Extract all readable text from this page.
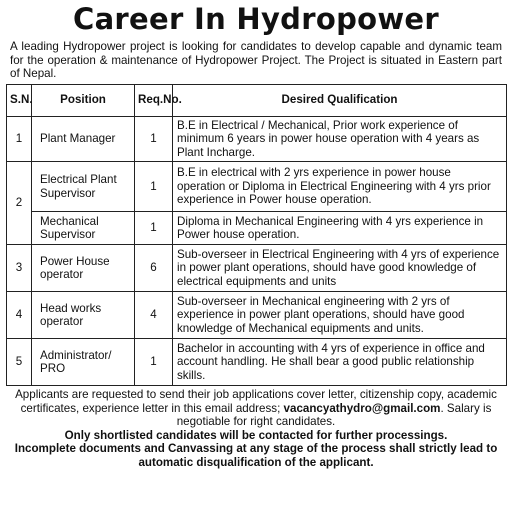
Career In Hydropower

A leading Hydropower project is looking for candidates to develop capable and dynamic team for the operation & maintenance of Hydropower Project. The Project is situated in Eastern part of Nepal.

S.N.	Position	Req.No.	Desired Qualification
1	Plant Manager	1	B.E in Electrical / Mechanical, Prior work experience of minimum 6 years in power house operation with 4 years as Plant Incharge.
2	Electrical Plant Supervisor	1	B.E in electrical with 2 yrs experience in power house operation or Diploma in Electrical Engineering with 4 yrs prior experience in Power house operation.
	Mechanical Supervisor	1	Diploma in Mechanical Engineering with 4 yrs experience in Power house operation.
3	Power House operator	6	Sub-overseer in Electrical Engineering with 4 yrs of experience in power plant operations, should have good knowledge of electrical equipments and units
4	Head works operator	4	Sub-overseer in Mechanical engineering with 2 yrs of experience in power plant operations, should have good knowledge of Mechanical equipments and units.
5	Administrator/ PRO	1	Bachelor in accounting with 4 yrs of experience in office and account handling. He shall bear a good public relationship skills.
Applicants are requested to send their job applications cover letter, citizenship copy, academic certificates, experience letter in this email address; vacancyathydro@gmail.com. Salary is negotiable for right candidates.
Only shortlisted candidates will be contacted for further processings.
Incomplete documents and Canvassing at any stage of the process shall strictly lead to automatic disqualification of the applicant.
